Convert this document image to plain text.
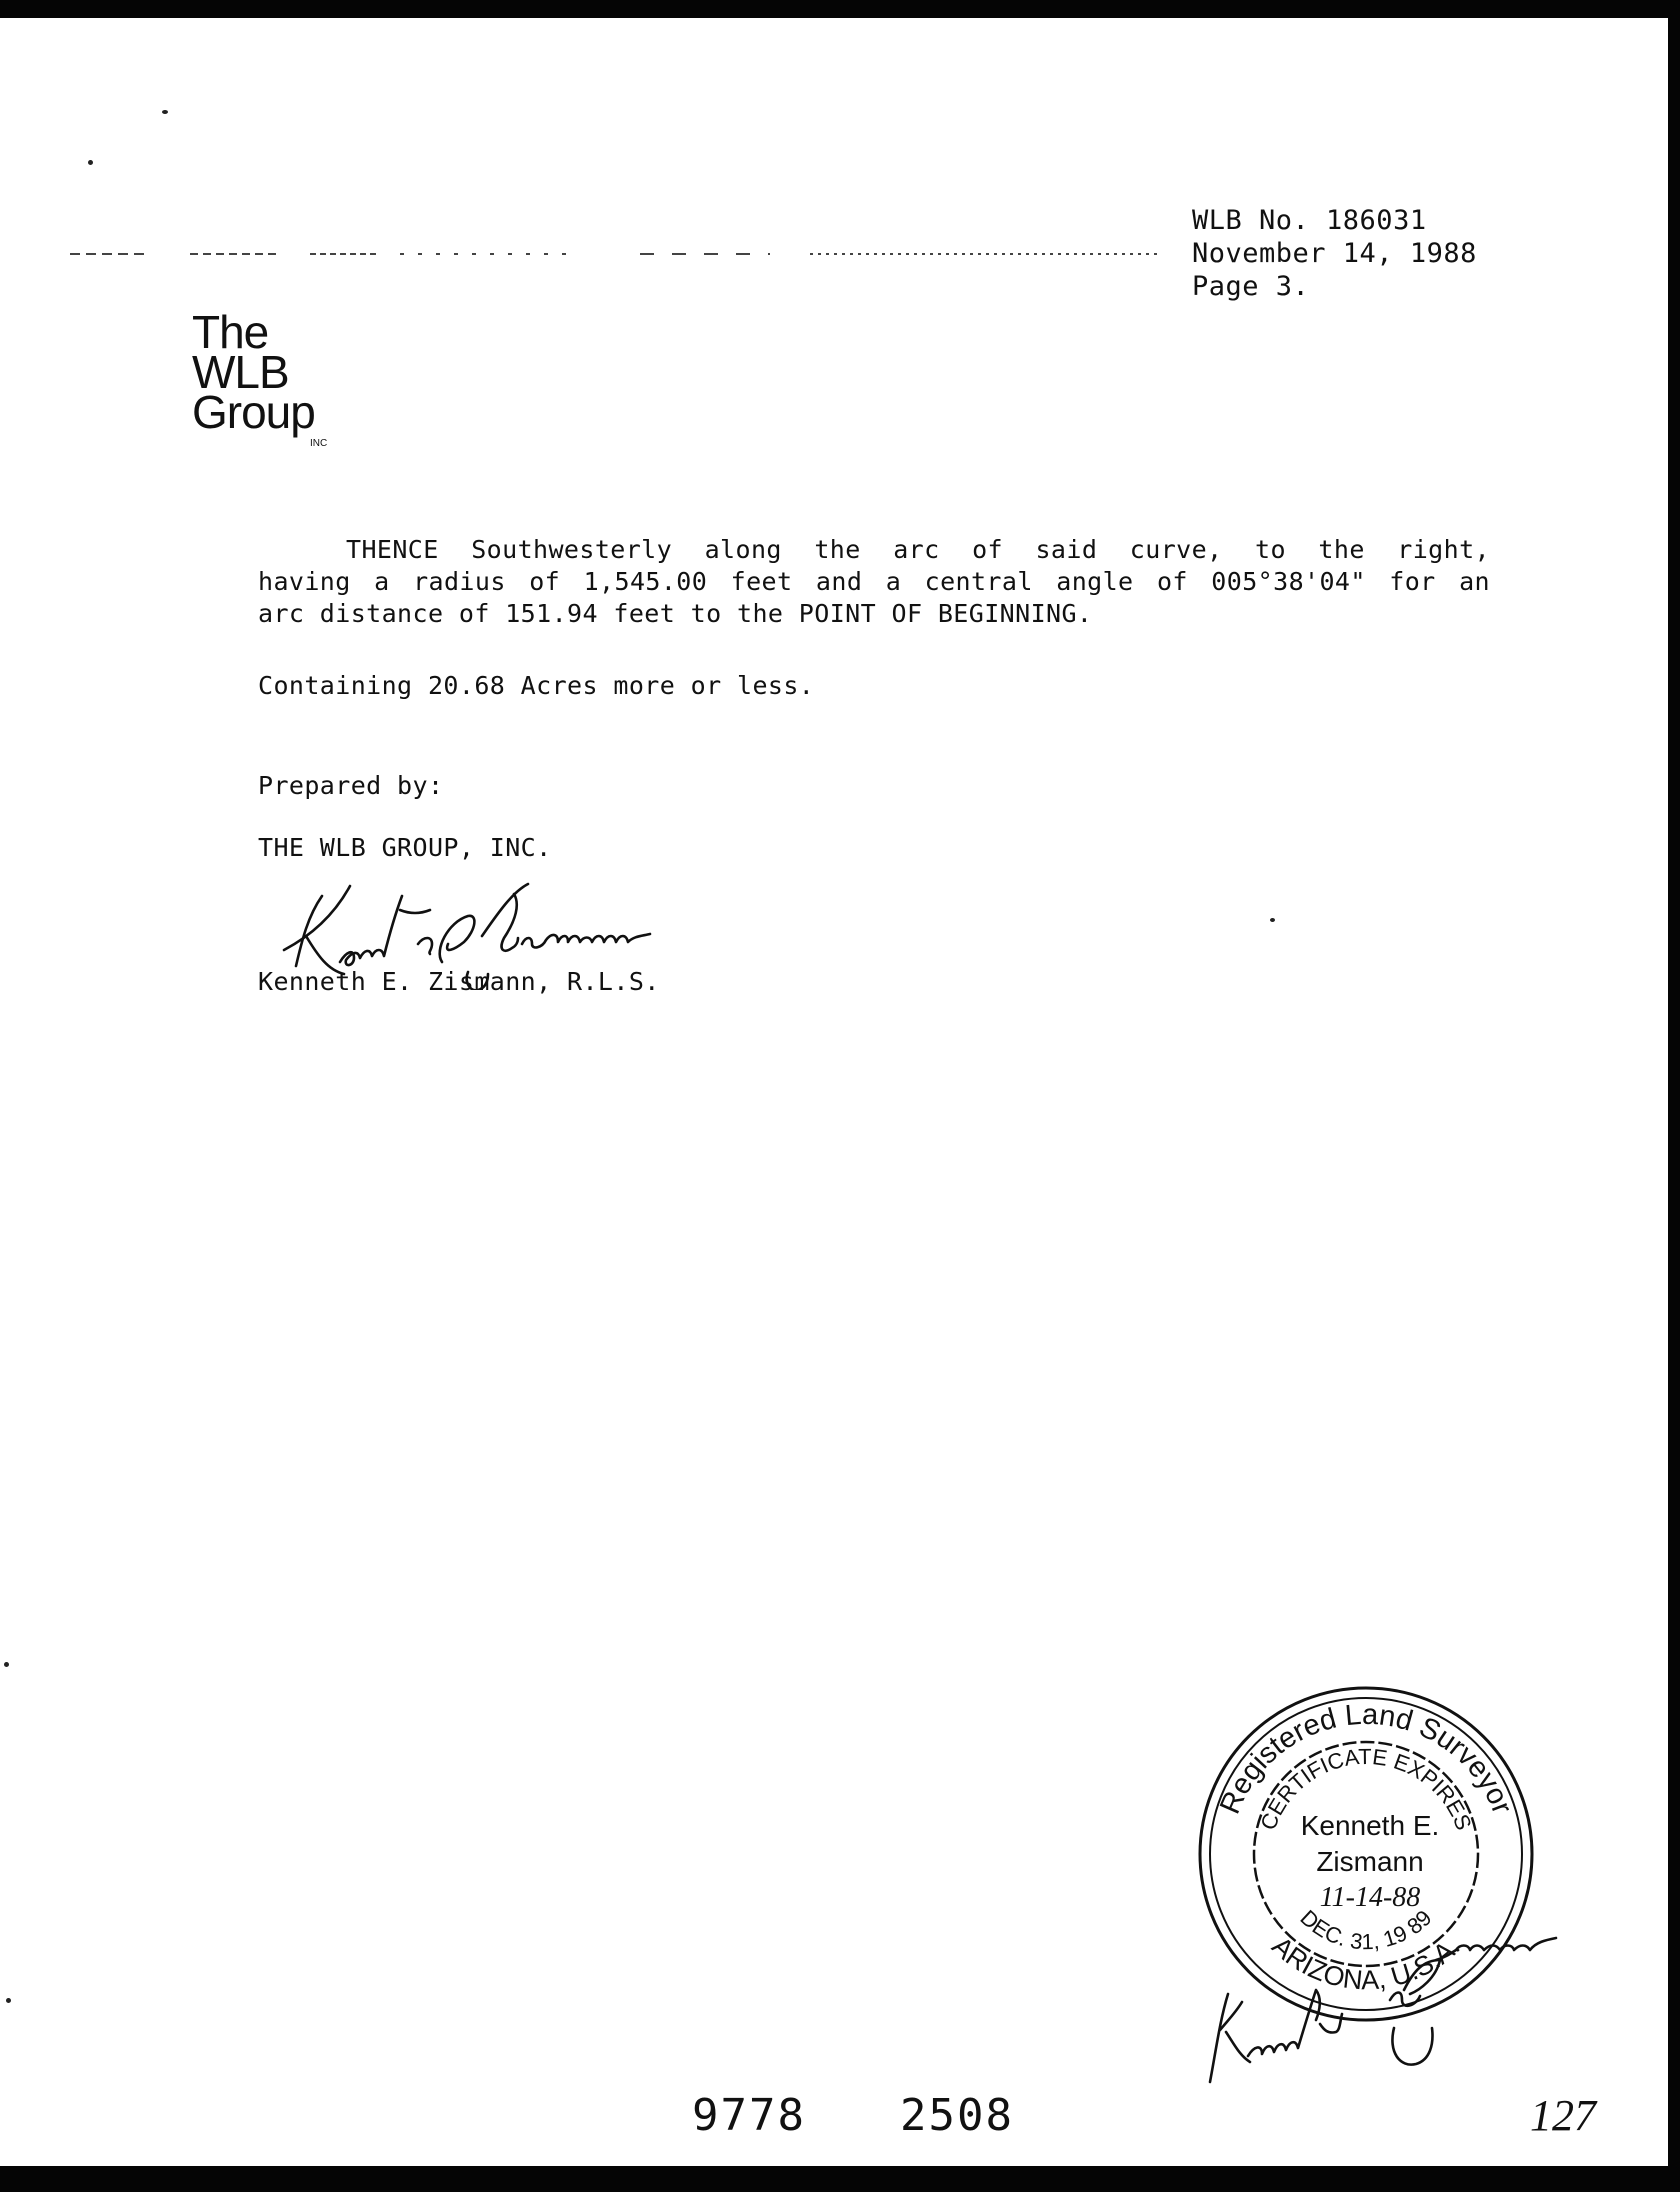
WLB No. 186031
November 14, 1988
Page 3.
The
WLB
Group
INC
THENCE Southwesterly along the arc of said curve, to the right,
having a radius of 1,545.00 feet and a central angle of 005°38'04" for an
arc distance of 151.94 feet to the POINT OF BEGINNING.
Containing 20.68 Acres more or less.
Prepared by:
THE WLB GROUP, INC.
Kenneth E. Zismann, R.L.S.
Registered Land Surveyor
CERTIFICATE EXPIRES
DEC. 31, 19 89
ARIZONA, U.S.A.
Kenneth E.
Zismann
11-14-88
9778 2508	127
